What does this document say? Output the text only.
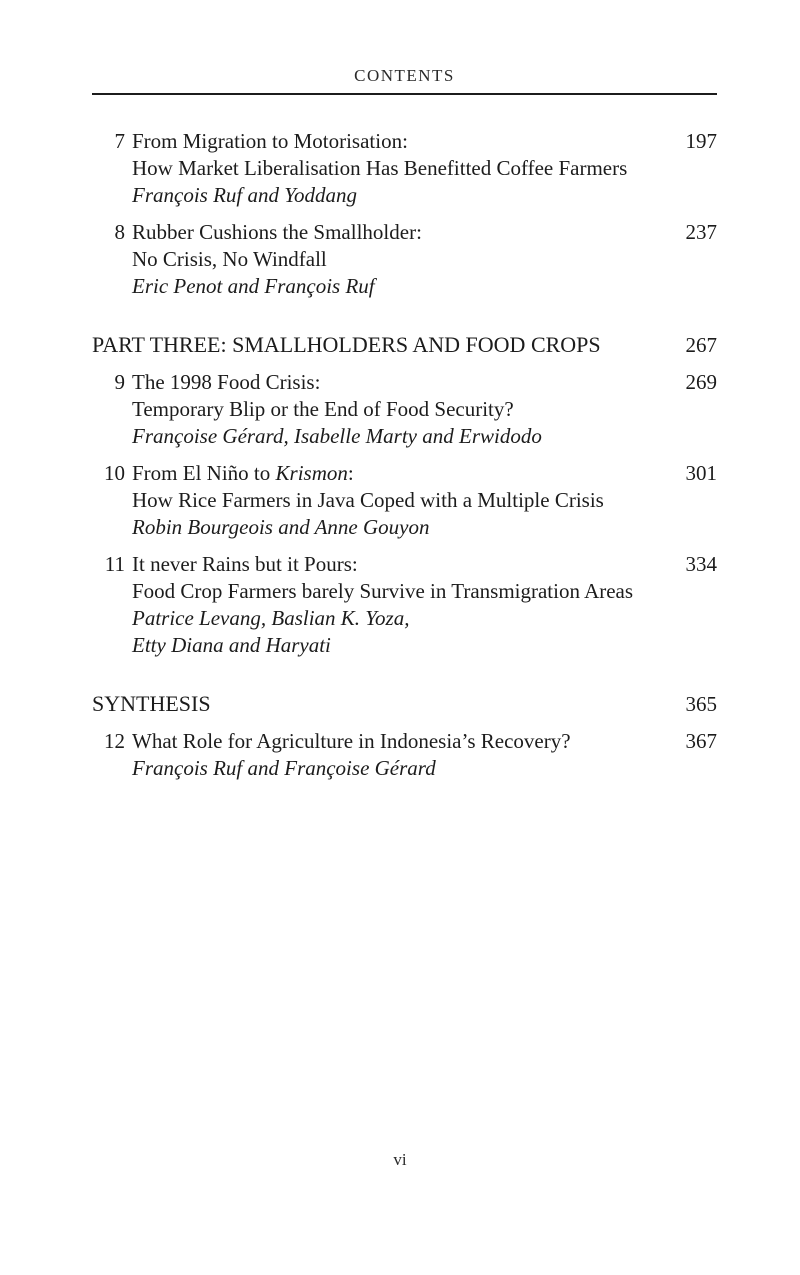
CONTENTS
7 From Migration to Motorisation:
How Market Liberalisation Has Benefitted Coffee Farmers
François Ruf and Yoddang
197
8 Rubber Cushions the Smallholder:
No Crisis, No Windfall
Eric Penot and François Ruf
237
PART THREE: SMALLHOLDERS AND FOOD CROPS	267
9 The 1998 Food Crisis:
Temporary Blip or the End of Food Security?
Françoise Gérard, Isabelle Marty and Erwidodo
269
10 From El Niño to Krismon:
How Rice Farmers in Java Coped with a Multiple Crisis
Robin Bourgeois and Anne Gouyon
301
11 It never Rains but it Pours:
Food Crop Farmers barely Survive in Transmigration Areas
Patrice Levang, Baslian K. Yoza,
Etty Diana and Haryati
334
SYNTHESIS	365
12 What Role for Agriculture in Indonesia’s Recovery?
François Ruf and Françoise Gérard
367
vi
